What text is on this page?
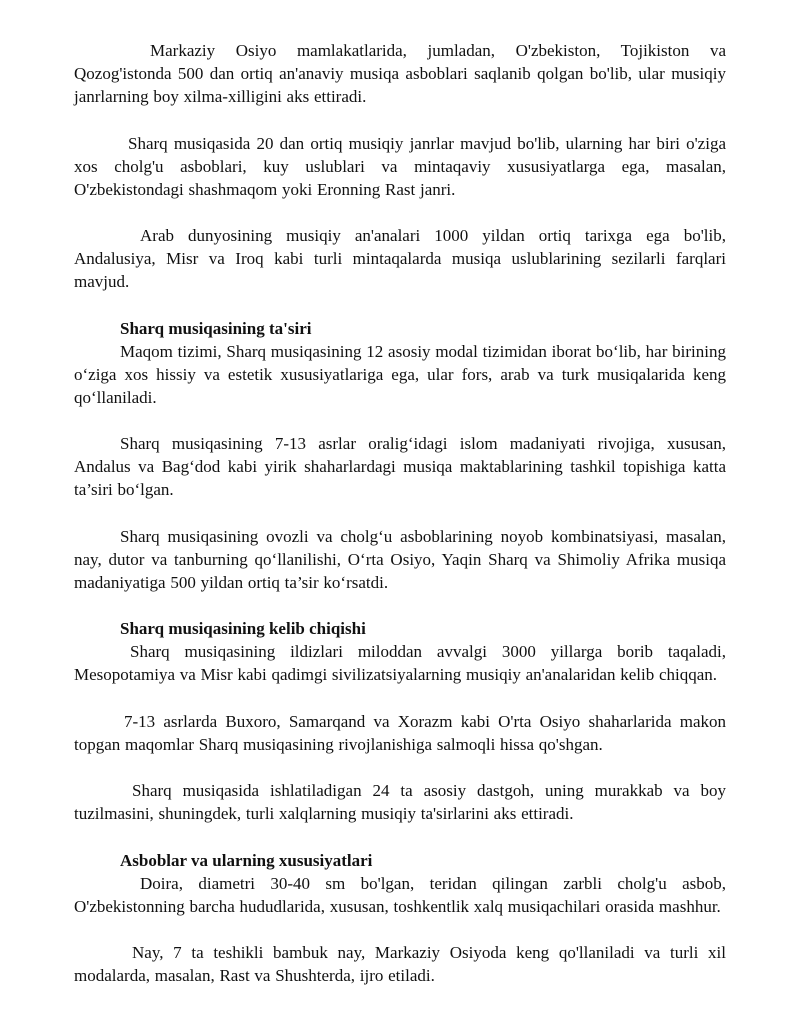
Markaziy Osiyo mamlakatlarida, jumladan, O'zbekiston, Tojikiston va Qozog'istonda 500 dan ortiq an'anaviy musiqa asboblari saqlanib qolgan bo'lib, ular musiqiy janrlarning boy xilma-xilligini aks ettiradi.

Sharq musiqasida 20 dan ortiq musiqiy janrlar mavjud bo'lib, ularning har biri o'ziga xos cholg'u asboblari, kuy uslublari va mintaqaviy xususiyatlarga ega, masalan, O'zbekistondagi shashmaqom yoki Eronning Rast janri.

Arab dunyosining musiqiy an'analari 1000 yildan ortiq tarixga ega bo'lib, Andalusiya, Misr va Iroq kabi turli mintaqalarda musiqa uslublarining sezilarli farqlari mavjud.

Sharq musiqasining ta'siri

Maqom tizimi, Sharq musiqasining 12 asosiy modal tizimidan iborat bo‘lib, har birining o‘ziga xos hissiy va estetik xususiyatlariga ega, ular fors, arab va turk musiqalarida keng qo‘llaniladi.

Sharq musiqasining 7-13 asrlar oralig‘idagi islom madaniyati rivojiga, xususan, Andalus va Bag‘dod kabi yirik shaharlardagi musiqa maktablarining tashkil topishiga katta ta’siri bo‘lgan.

Sharq musiqasining ovozli va cholg‘u asboblarining noyob kombinatsiyasi, masalan, nay, dutor va tanburning qo‘llanilishi, O‘rta Osiyo, Yaqin Sharq va Shimoliy Afrika musiqa madaniyatiga 500 yildan ortiq ta’sir ko‘rsatdi.

Sharq musiqasining kelib chiqishi

Sharq musiqasining ildizlari miloddan avvalgi 3000 yillarga borib taqaladi, Mesopotamiya va Misr kabi qadimgi sivilizatsiyalarning musiqiy an'analaridan kelib chiqqan.

7-13 asrlarda Buxoro, Samarqand va Xorazm kabi O'rta Osiyo shaharlarida makon topgan maqomlar Sharq musiqasining rivojlanishiga salmoqli hissa qo'shgan.

Sharq musiqasida ishlatiladigan 24 ta asosiy dastgoh, uning murakkab va boy tuzilmasini, shuningdek, turli xalqlarning musiqiy ta'sirlarini aks ettiradi.

Asboblar va ularning xususiyatlari

Doira, diametri 30-40 sm bo'lgan, teridan qilingan zarbli cholg'u asbob, O'zbekistonning barcha hududlarida, xususan, toshkentlik xalq musiqachilari orasida mashhur.

Nay, 7 ta teshikli bambuk nay, Markaziy Osiyoda keng qo'llaniladi va turli xil modalarda, masalan, Rast va Shushterda, ijro etiladi.
